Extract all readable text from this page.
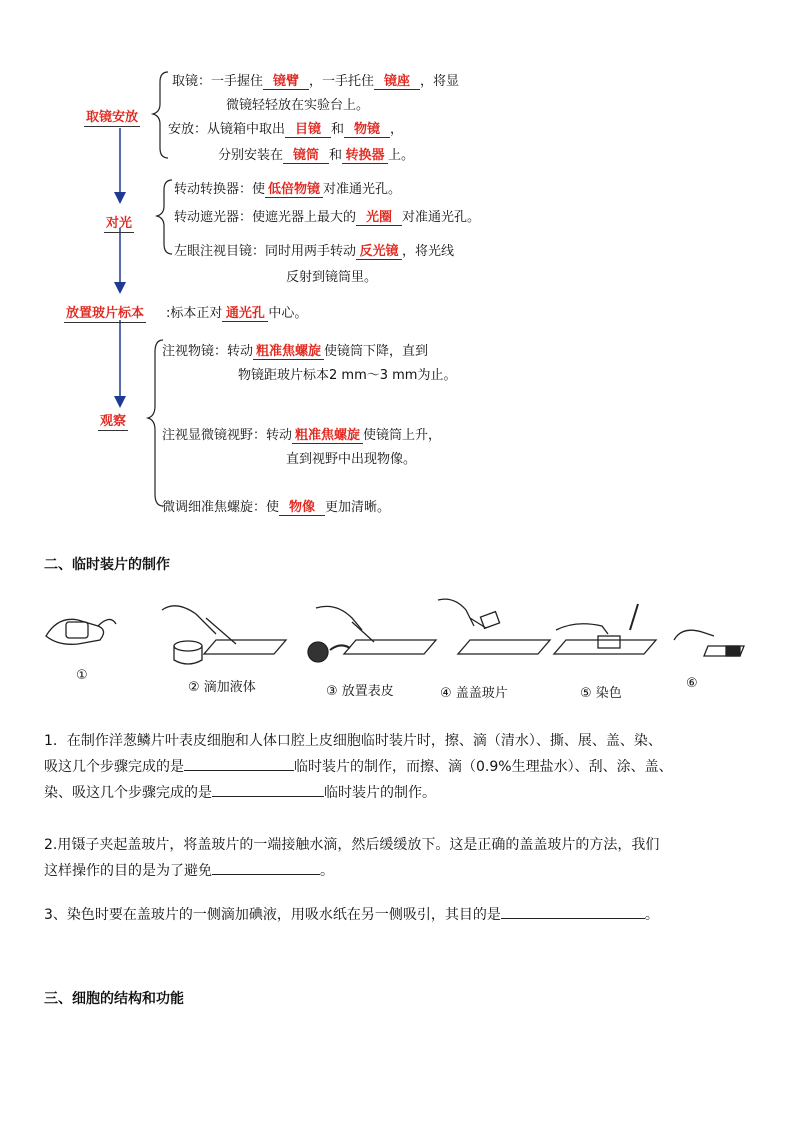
取镜安放
对光
放置玻片标本
观察
取镜：一手握住 镜臂 ，一手托住 镜座 ，将显
微镜轻轻放在实验台上。
安放：从镜箱中取出 目镜 和 物镜 ，
分别安装在 镜筒 和 转换器 上。
转动转换器：使 低倍物镜 对准通光孔。
转动遮光器：使遮光器上最大的 光圈 对准通光孔。
左眼注视目镜：同时用两手转动 反光镜 ，将光线
反射到镜筒里。
:标本正对 通光孔 中心。
注视物镜：转动 粗准焦螺旋 使镜筒下降，直到
物镜距玻片标本2 mm～3 mm为止。
注视显微镜视野：转动 粗准焦螺旋 使镜筒上升，
直到视野中出现物像。
微调细准焦螺旋：使 物像 更加清晰。
二、临时装片的制作
①
② 滴加液体	③ 放置表皮	④ 盖盖玻片	⑤ 染色
⑥
1．在制作洋葱鳞片叶表皮细胞和人体口腔上皮细胞临时装片时，擦、滴（清水）、撕、展、盖、染、
吸这几个步骤完成的是	临时装片的制作，而擦、滴（0.9%生理盐水）、刮、涂、盖、
染、吸这几个步骤完成的是	临时装片的制作。
2.用镊子夹起盖玻片，将盖玻片的一端接触水滴，然后缓缓放下。这是正确的盖盖玻片的方法，我们
这样操作的目的是为了避免	。
3、染色时要在盖玻片的一侧滴加碘液，用吸水纸在另一侧吸引，其目的是	。
三、细胞的结构和功能
